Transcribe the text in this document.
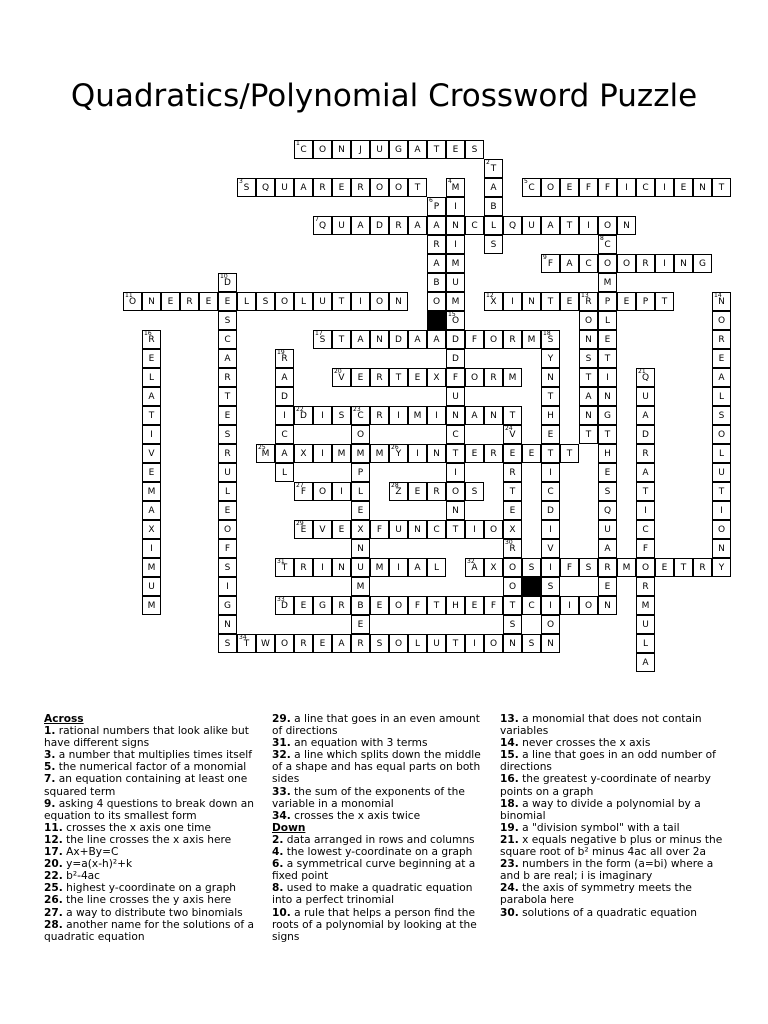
Quadratics/Polynomial Crossword Puzzle
1
C O N J U G A T E S
2
T
A
B
L
S
3
S Q U A R E R O O T
4
M
I
N
I
M
U
M
5
C O E F F I C I E N T
6
P
A
R
A
B
O
A
7
Q U A D R A	C	Q U A T I O N
8
C
O
M
P
L
E
T
I
N
G
T
H
E
S
Q
U
A
R
E
9
F A C	O R I N G
10
D
E
S
C
A
R
T
E
S
R
U
L
E
O
F
S
I
G
N
S
11
O N E R E	L S O L U T I O N
12
X I N T E
13
R	E P T
O
N
S
T
A
N
T
14
N
O
R
E
A
L
S
O
L
U
T
I
O
N
15
O
D
D
F
U
N
C
T
I
O
N
16
R
E
L
A
T
I
V
E
M
A
X
I
M
U
M
17
S T A N D A	F O R M
18
S
Y
N
T
H
E
T
I
C
D
I
V
I
S
I
O
N
19
R
A
D
I
C
A
L
20
V E R T E X	O R M
21
Q
U
A
D
R
A
T
I
C
F
O
R
M
U
L
A
22
D I S
23
C R I M I	A N T
O
M
P
L
E
X
N
U
M
B
E
R
24
V
E
R
T
E
X
25
M	X I M	M
26
Y I N	E R	E	T
27
F O I
28
Z E R	S
29
E V E	F U N C T I O
30
R
O
O
T
S
31
T R I N	M I A L
32
A X	S	F S	M	E T R Y
33
D E G R	E O F T H E F	C	I O N
34
T W O R E A	S O L U T I O N S
Across
1. rational numbers that look alike but have different signs
3. a number that multiplies times itself
5. the numerical factor of a monomial
7. an equation containing at least one squared term
9. asking 4 questions to break down an equation to its smallest form
11. crosses the x axis one time
12. the line crosses the x axis here
17. Ax+By=C
20. y=a(x-h)²+k
22. b²-4ac
25. highest y-coordinate on a graph
26. the line crosses the y axis here
27. a way to distribute two binomials
28. another name for the solutions of a quadratic equation
29. a line that goes in an even amount of directions
31. an equation with 3 terms
32. a line which splits down the middle of a shape and has equal parts on both sides
33. the sum of the exponents of the variable in a monomial
34. crosses the x axis twice
Down
2. data arranged in rows and columns
4. the lowest y-coordinate on a graph
6. a symmetrical curve beginning at a fixed point
8. used to make a quadratic equation into a perfect trinomial
10. a rule that helps a person find the roots of a polynomial by looking at the signs
13. a monomial that does not contain variables
14. never crosses the x axis
15. a line that goes in an odd number of directions
16. the greatest y-coordinate of nearby points on a graph
18. a way to divide a polynomial by a binomial
19. a "division symbol" with a tail
21. x equals negative b plus or minus the square root of b² minus 4ac all over 2a
23. numbers in the form (a=bi) where a and b are real; i is imaginary
24. the axis of symmetry meets the parabola here
30. solutions of a quadratic equation
